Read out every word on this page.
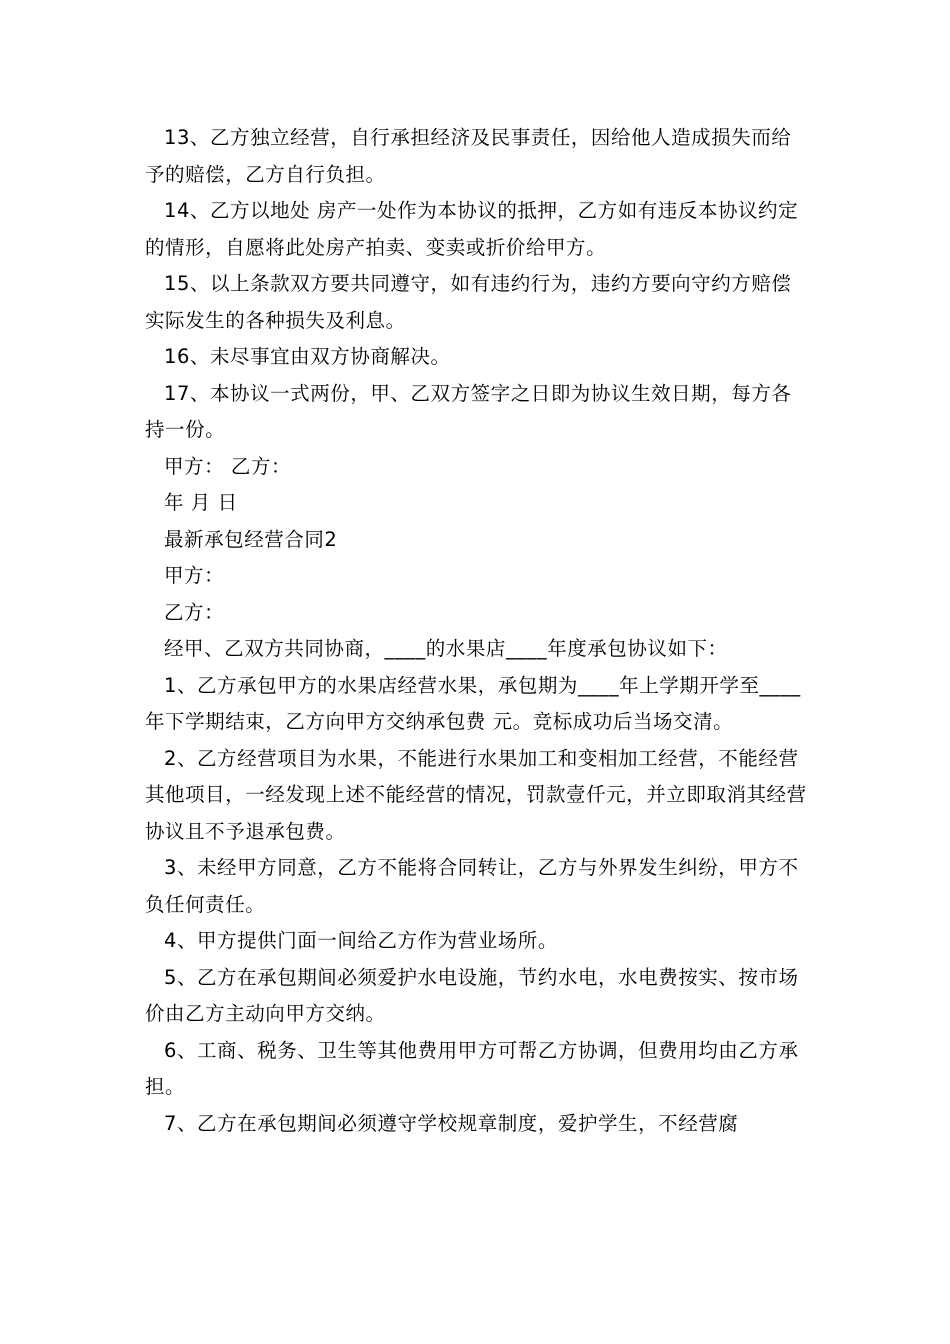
13、乙方独立经营，自行承担经济及民事责任，因给他人造成损失而给予的赔偿，乙方自行负担。

14、乙方以地处 房产一处作为本协议的抵押，乙方如有违反本协议约定的情形，自愿将此处房产拍卖、变卖或折价给甲方。

15、以上条款双方要共同遵守，如有违约行为，违约方要向守约方赔偿实际发生的各种损失及利息。

16、未尽事宜由双方协商解决。

17、本协议一式两份，甲、乙双方签字之日即为协议生效日期，每方各持一份。

甲方： 乙方：

年 月 日

最新承包经营合同2

甲方：

乙方：

经甲、乙双方共同协商，____的水果店____年度承包协议如下：

1、乙方承包甲方的水果店经营水果，承包期为____年上学期开学至____年下学期结束，乙方向甲方交纳承包费 元。竞标成功后当场交清。

2、乙方经营项目为水果，不能进行水果加工和变相加工经营，不能经营其他项目，一经发现上述不能经营的情况，罚款壹仟元，并立即取消其经营协议且不予退承包费。

3、未经甲方同意，乙方不能将合同转让，乙方与外界发生纠纷，甲方不负任何责任。

4、甲方提供门面一间给乙方作为营业场所。

5、乙方在承包期间必须爱护水电设施，节约水电，水电费按实、按市场价由乙方主动向甲方交纳。

6、工商、税务、卫生等其他费用甲方可帮乙方协调，但费用均由乙方承担。

7、乙方在承包期间必须遵守学校规章制度，爱护学生，不经营腐
